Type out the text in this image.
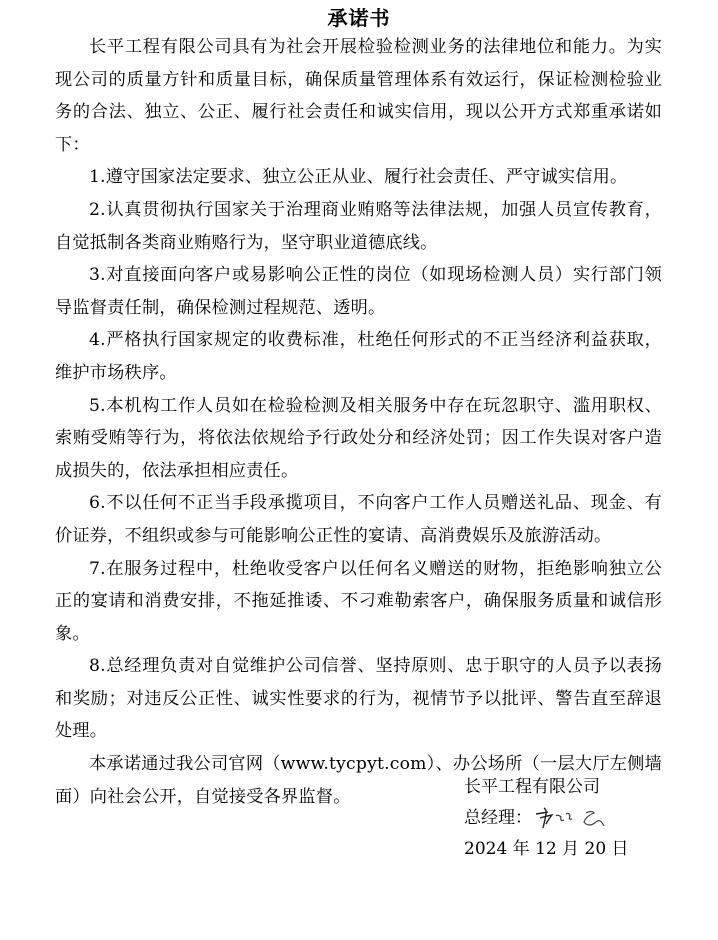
承诺书

长平工程有限公司具有为社会开展检验检测业务的法律地位和能力。为实现公司的质量方针和质量目标，确保质量管理体系有效运行，保证检测检验业务的合法、独立、公正、履行社会责任和诚实信用，现以公开方式郑重承诺如下：

1.遵守国家法定要求、独立公正从业、履行社会责任、严守诚实信用。

2.认真贯彻执行国家关于治理商业贿赂等法律法规，加强人员宣传教育，自觉抵制各类商业贿赂行为，坚守职业道德底线。

3.对直接面向客户或易影响公正性的岗位（如现场检测人员）实行部门领导监督责任制，确保检测过程规范、透明。

4.严格执行国家规定的收费标准，杜绝任何形式的不正当经济利益获取，维护市场秩序。

5.本机构工作人员如在检验检测及相关服务中存在玩忽职守、滥用职权、索贿受贿等行为，将依法依规给予行政处分和经济处罚；因工作失误对客户造成损失的，依法承担相应责任。

6.不以任何不正当手段承揽项目，不向客户工作人员赠送礼品、现金、有价证券，不组织或参与可能影响公正性的宴请、高消费娱乐及旅游活动。

7.在服务过程中，杜绝收受客户以任何名义赠送的财物，拒绝影响独立公正的宴请和消费安排，不拖延推诿、不刁难勒索客户，确保服务质量和诚信形象。

8.总经理负责对自觉维护公司信誉、坚持原则、忠于职守的人员予以表扬和奖励；对违反公正性、诚实性要求的行为，视情节予以批评、警告直至辞退处理。

本承诺通过我公司官网（www.tycpyt.com）、办公场所（一层大厅左侧墙面）向社会公开，自觉接受各界监督。	长平工程有限公司
总经理：
2024 年 12 月 20 日
